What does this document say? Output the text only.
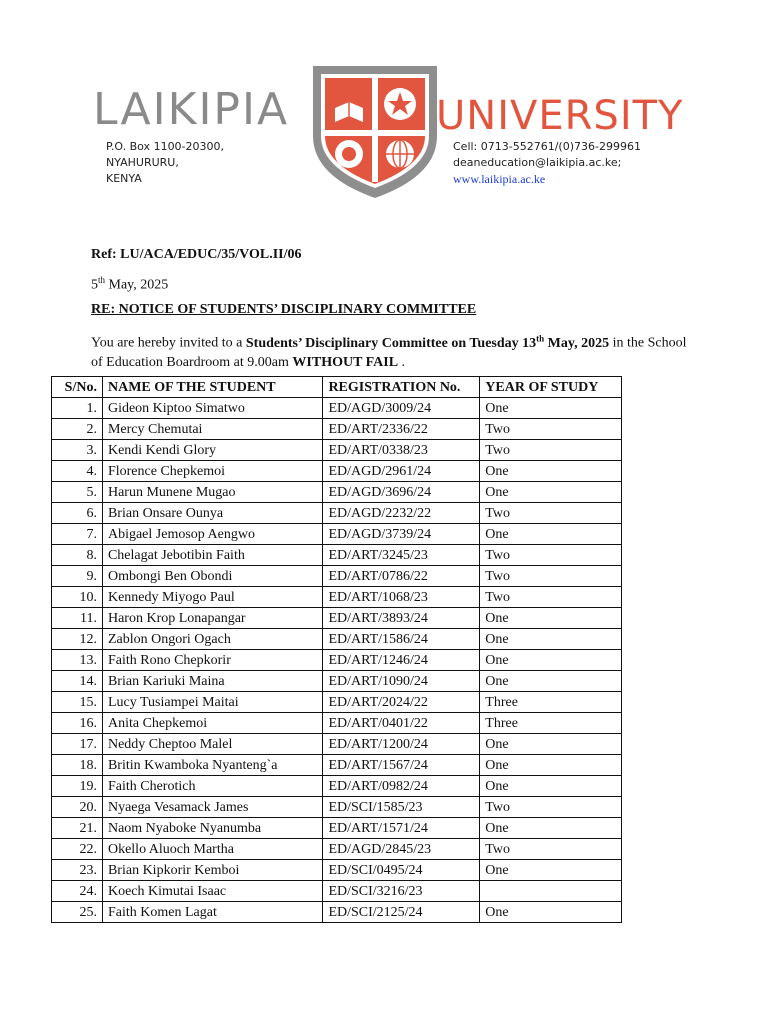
LAIKIPIA	UNIVERSITY
P.O. Box 1100-20300,
NYAHURURU,
KENYA
Cell: 0713-552761/(0)736-299961
deaneducation@laikipia.ac.ke;
www.laikipia.ac.ke
Ref: LU/ACA/EDUC/35/VOL.II/06
5th May, 2025
RE: NOTICE OF STUDENTS’ DISCIPLINARY COMMITTEE
You are hereby invited to a Students’ Disciplinary Committee on Tuesday 13th May, 2025 in the School of Education Boardroom at 9.00am WITHOUT FAIL .
S/No.	NAME OF THE STUDENT	REGISTRATION No.	YEAR OF STUDY
1.	Gideon Kiptoo Simatwo	ED/AGD/3009/24	One
2.	Mercy Chemutai	ED/ART/2336/22	Two
3.	Kendi Kendi Glory	ED/ART/0338/23	Two
4.	Florence Chepkemoi	ED/AGD/2961/24	One
5.	Harun Munene Mugao	ED/AGD/3696/24	One
6.	Brian Onsare Ounya	ED/AGD/2232/22	Two
7.	Abigael Jemosop Aengwo	ED/AGD/3739/24	One
8.	Chelagat Jebotibin Faith	ED/ART/3245/23	Two
9.	Ombongi Ben Obondi	ED/ART/0786/22	Two
10.	Kennedy Miyogo Paul	ED/ART/1068/23	Two
11.	Haron Krop Lonapangar	ED/ART/3893/24	One
12.	Zablon Ongori Ogach	ED/ART/1586/24	One
13.	Faith Rono Chepkorir	ED/ART/1246/24	One
14.	Brian Kariuki Maina	ED/ART/1090/24	One
15.	Lucy Tusiampei Maitai	ED/ART/2024/22	Three
16.	Anita Chepkemoi	ED/ART/0401/22	Three
17.	Neddy Cheptoo Malel	ED/ART/1200/24	One
18.	Britin Kwamboka Nyanteng`a	ED/ART/1567/24	One
19.	Faith Cherotich	ED/ART/0982/24	One
20.	Nyaega Vesamack James	ED/SCI/1585/23	Two
21.	Naom Nyaboke Nyanumba	ED/ART/1571/24	One
22.	Okello Aluoch Martha	ED/AGD/2845/23	Two
23.	Brian Kipkorir Kemboi	ED/SCI/0495/24	One
24.	Koech Kimutai Isaac	ED/SCI/3216/23	
25.	Faith Komen Lagat	ED/SCI/2125/24	One
